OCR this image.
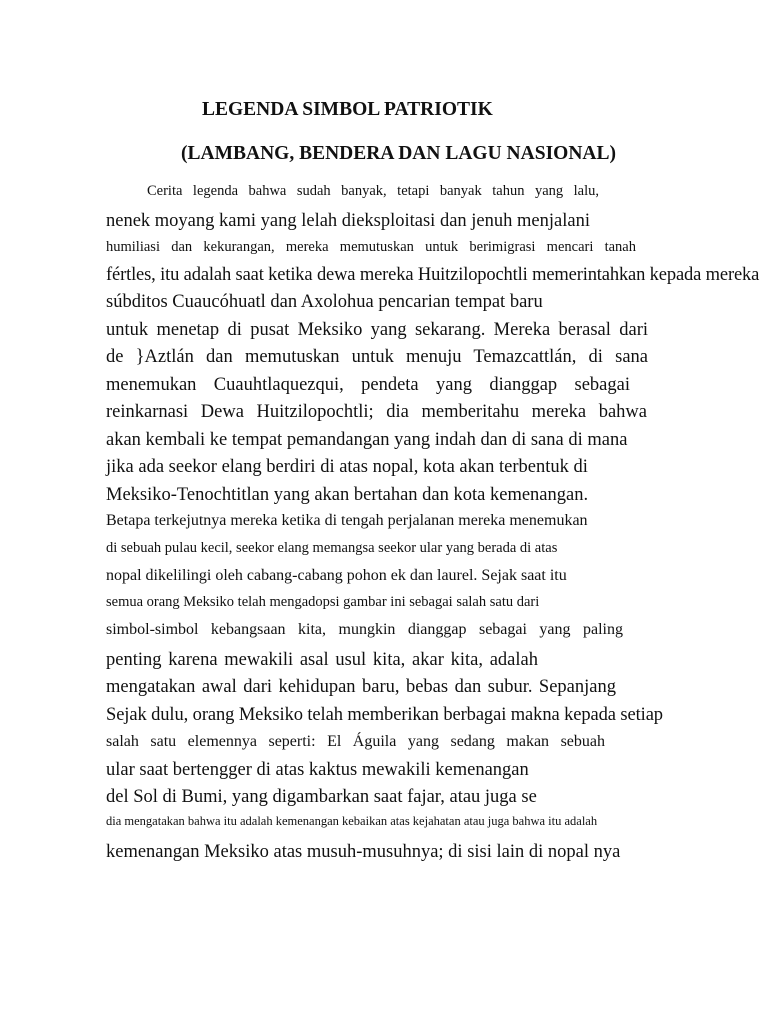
LEGENDA SIMBOL PATRIOTIK
(LAMBANG, BENDERA DAN LAGU NASIONAL)
Cerita legenda bahwa sudah banyak, tetapi banyak tahun yang lalu,
nenek moyang kami yang lelah dieksploitasi dan jenuh menjalani
humiliasi dan kekurangan, mereka memutuskan untuk berimigrasi mencari tanah
fértles, itu adalah saat ketika dewa mereka Huitzilopochtli memerintahkan kepada mereka
súbditos Cuaucóhuatl dan Axolohua pencarian tempat baru
untuk menetap di pusat Meksiko yang sekarang. Mereka berasal dari
de }Aztlán dan memutuskan untuk menuju Temazcattlán, di sana
menemukan Cuauhtlaquezqui, pendeta yang dianggap sebagai
reinkarnasi Dewa Huitzilopochtli; dia memberitahu mereka bahwa
akan kembali ke tempat pemandangan yang indah dan di sana di mana
jika ada seekor elang berdiri di atas nopal, kota akan terbentuk di
Meksiko-Tenochtitlan yang akan bertahan dan kota kemenangan.
Betapa terkejutnya mereka ketika di tengah perjalanan mereka menemukan
di sebuah pulau kecil, seekor elang memangsa seekor ular yang berada di atas
nopal dikelilingi oleh cabang-cabang pohon ek dan laurel. Sejak saat itu
semua orang Meksiko telah mengadopsi gambar ini sebagai salah satu dari
simbol-simbol kebangsaan kita, mungkin dianggap sebagai yang paling
penting karena mewakili asal usul kita, akar kita, adalah
mengatakan awal dari kehidupan baru, bebas dan subur. Sepanjang
Sejak dulu, orang Meksiko telah memberikan berbagai makna kepada setiap
salah satu elemennya seperti: El Águila yang sedang makan sebuah
ular saat bertengger di atas kaktus mewakili kemenangan
del Sol di Bumi, yang digambarkan saat fajar, atau juga se
dia mengatakan bahwa itu adalah kemenangan kebaikan atas kejahatan atau juga bahwa itu adalah
kemenangan Meksiko atas musuh-musuhnya; di sisi lain di nopal nya
